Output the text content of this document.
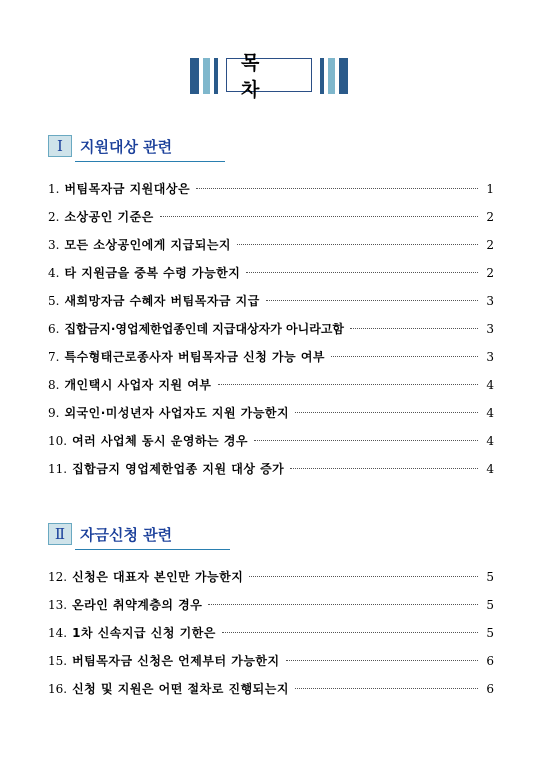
목 차
Ⅰ	지원대상 관련
1. 버팀목자금 지원대상은	1
2. 소상공인 기준은	2
3. 모든 소상공인에게 지급되는지	2
4. 타 지원금을 중복 수령 가능한지	2
5. 새희망자금 수혜자 버팀목자금 지급	3
6. 집합금지·영업제한업종인데 지급대상자가 아니라고함	3
7. 특수형태근로종사자 버팀목자금 신청 가능 여부	3
8. 개인택시 사업자 지원 여부	4
9. 외국인·미성년자 사업자도 지원 가능한지	4
10. 여러 사업체 동시 운영하는 경우	4
11. 집합금지 영업제한업종 지원 대상 증가	4
Ⅱ 자금신청 관련
12. 신청은 대표자 본인만 가능한지	5
13. 온라인 취약계층의 경우	5
14. 1차 신속지급 신청 기한은	5
15. 버팀목자금 신청은 언제부터 가능한지	6
16. 신청 및 지원은 어떤 절차로 진행되는지	6
